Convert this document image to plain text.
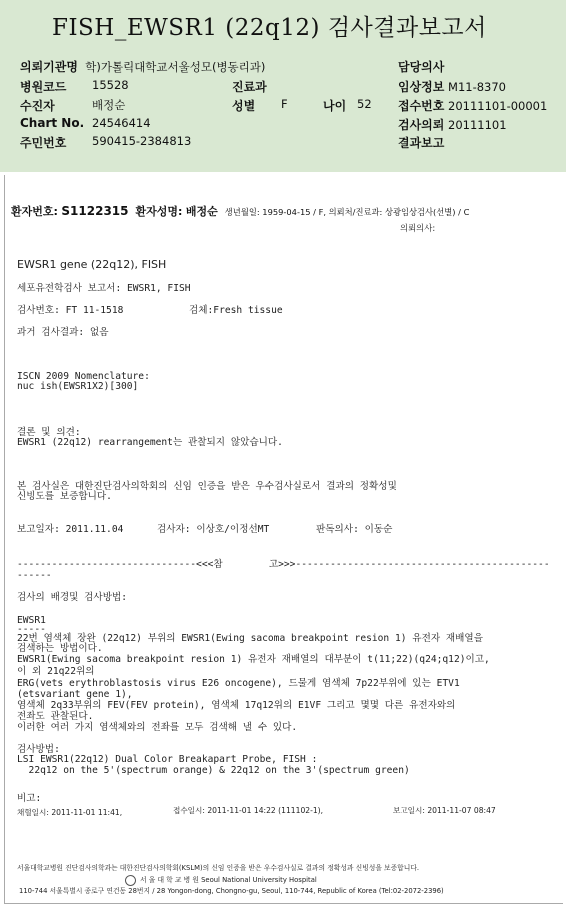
FISH_EWSR1 (22q12) 검사결과보고서
의뢰기관명 학)가톨릭대학교서울성모(병동리과)
병원코드 15528
수진자	배정순
Chart No. 24546414
주민번호 590415-2384813
진료과
성별 F	나이 52
담당의사
임상정보 M11-8370
접수번호 20111101-00001
검사의뢰 20111101
결과보고
환자번호: S1122315 환자성명: 배정순 생년월일: 1959-04-15 / F, 의뢰처/진료과: 상광임상검사(선별) / C
의뢰의사:
EWSR1 gene (22q12), FISH
세포유전학검사 보고서: EWSR1, FISH
검사번호: FT 11-1518	검체:Fresh tissue
과거 검사결과: 없음
ISCN 2009 Nomenclature:
nuc ish(EWSR1X2)[300]
결론 및 의견:
EWSR1 (22q12) rearrangement는 관찰되지 않았습니다.
본 검사실은 대한진단검사의학회의 신임 인증을 받은 우수검사실로서 결과의 정확성및
신빙도를 보증합니다.
보고일자: 2011.11.04	검사자: 이상호/이정선MT	판독의사: 이동순
-------------------------------<<<참        고>>>--------------------------------------------
------
검사의 배경및 검사방법:
EWSR1
-----
22번 염색체 장완 (22q12) 부위의 EWSR1(Ewing sacoma breakpoint resion 1) 유전자 재배열을
검색하는 방법이다.
EWSR1(Ewing sacoma breakpoint resion 1) 유전자 재배열의 대부분이 t(11;22)(q24;q12)이고,
이 외 21q22위의
ERG(vets erythroblastosis virus E26 oncogene), 드물게 염색체 7p22부위에 있는 ETV1
(etsvariant gene 1),
염색체 2q33부위의 FEV(FEV protein), 염색체 17q12위의 E1VF 그리고 몇몇 다른 유전자와의
전좌도 관찰된다.
이러한 여러 가지 염색체와의 전좌를 모두 검색해 낼 수 있다.
검사방법:
LSI EWSR1(22q12) Dual Color Breakapart Probe, FISH :
22q12 on the 5'(spectrum orange) & 22q12 on the 3'(spectrum green)
비고:
채혈일시: 2011-11-01 11:41,	접수일시: 2011-11-01 14:22 (111102-1),	보고일시: 2011-11-07 08:47
서울대학교병원 진단검사의학과는 대한진단검사의학회(KSLM)의 신임 인증을 받은 우수검사실로 결과의 정확성과 신빙성을 보증합니다.
서 울 대 학 교 병 원 Seoul National University Hospital
110-744 서울특별시 종로구 연건동 28번지 / 28 Yongon-dong, Chongno-gu, Seoul, 110-744, Republic of Korea (Tel:02-2072-2396)
